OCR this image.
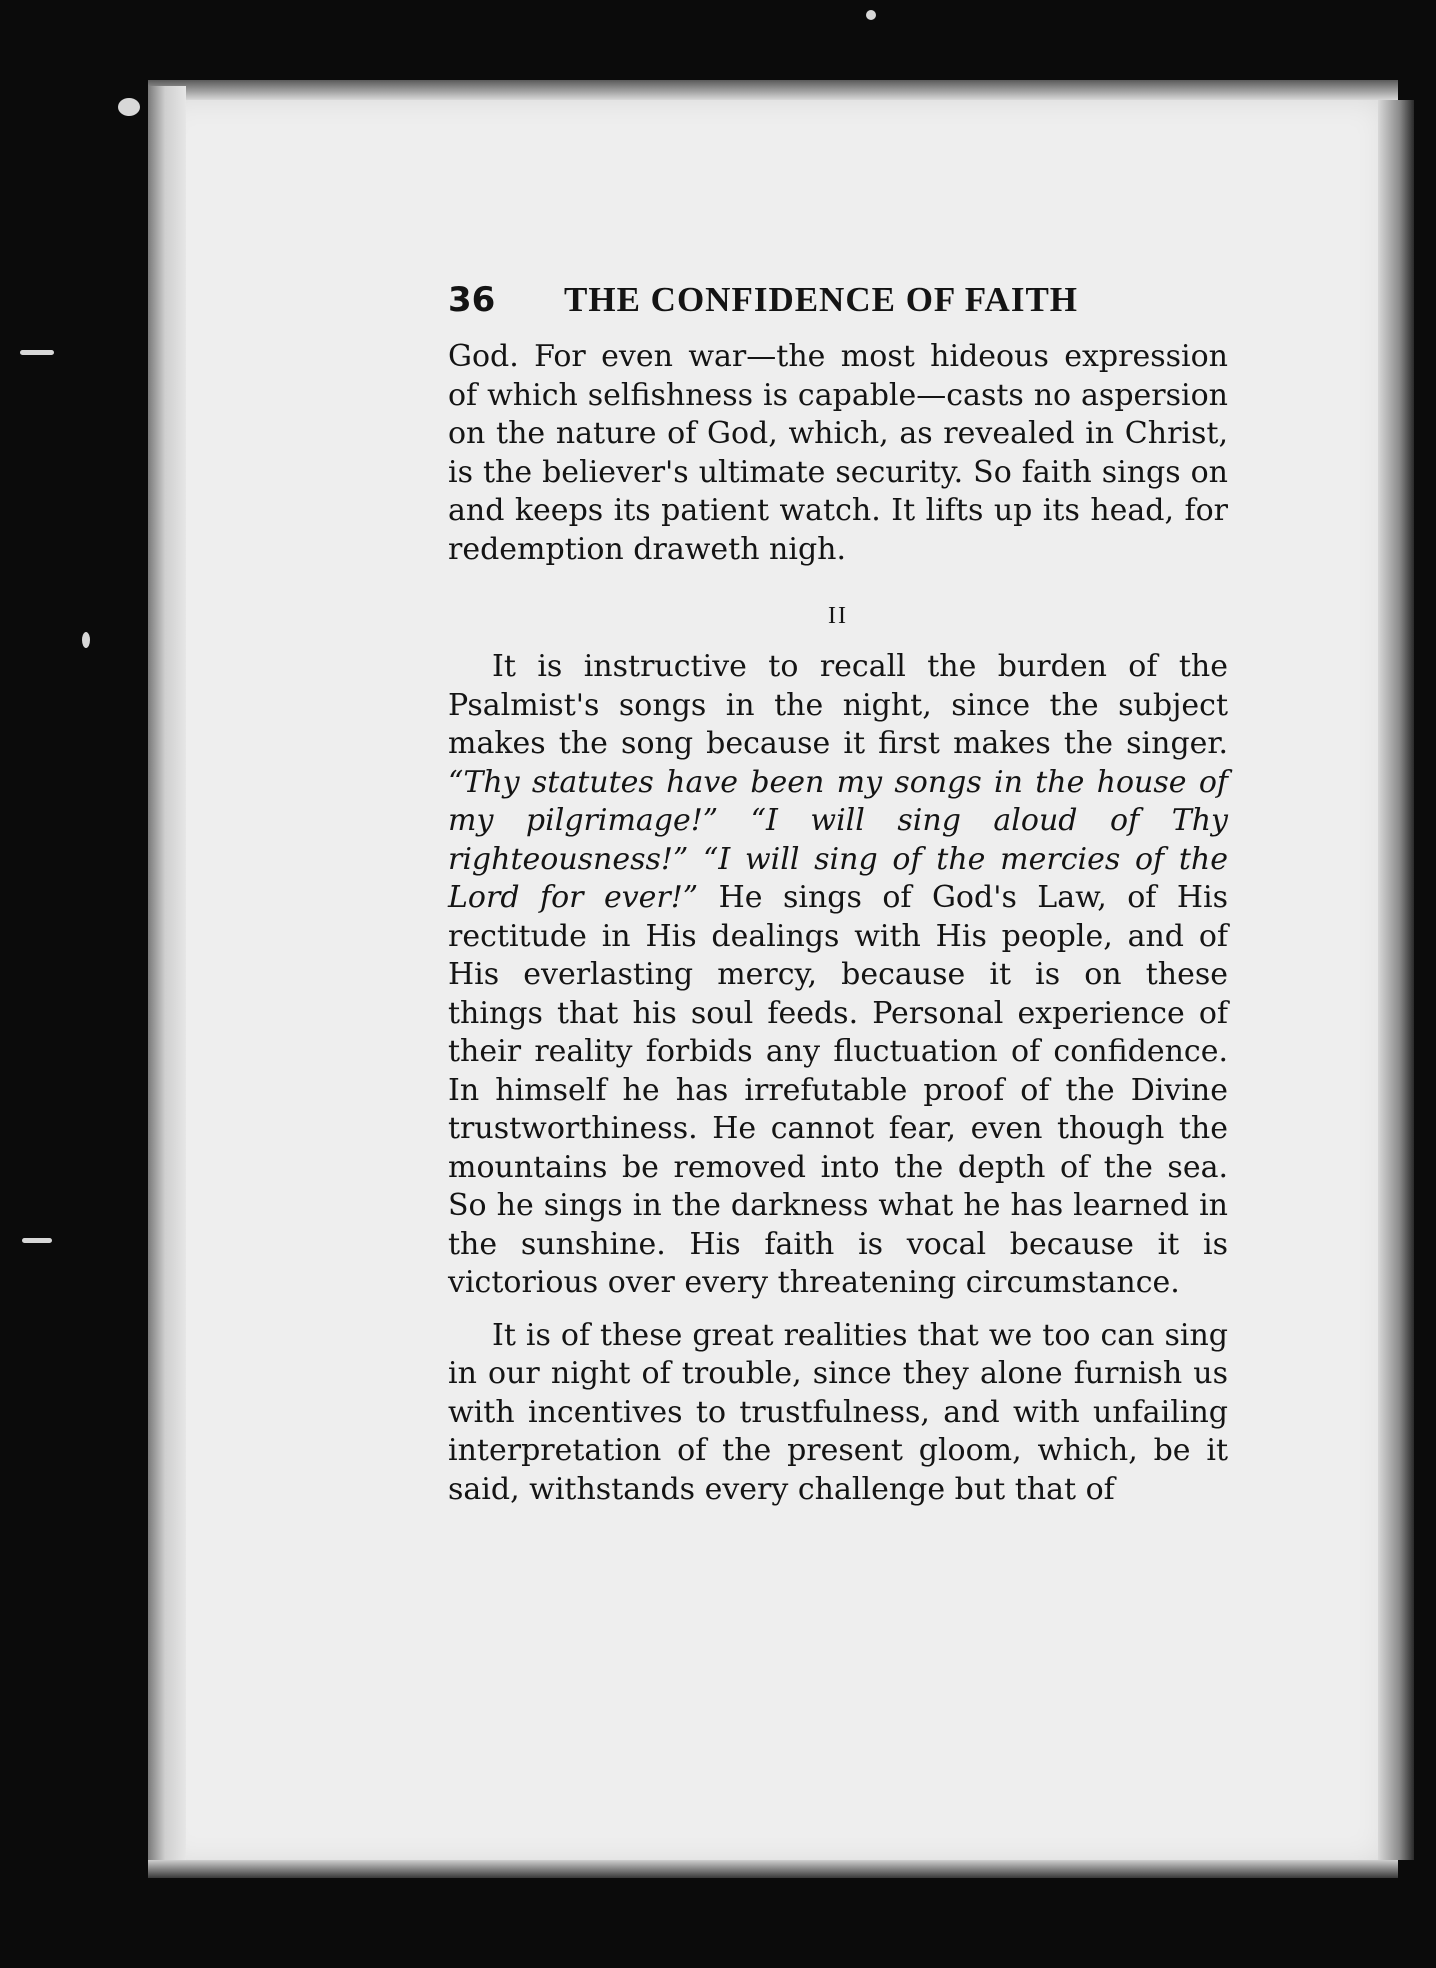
36	THE CONFIDENCE OF FAITH

God. For even war—the most hideous expression of which selfishness is capable—casts no aspersion on the nature of God, which, as revealed in Christ, is the believer's ultimate security. So faith sings on and keeps its patient watch. It lifts up its head, for redemption draweth nigh.

II

It is instructive to recall the burden of the Psalmist's songs in the night, since the subject makes the song because it first makes the singer. “Thy statutes have been my songs in the house of my pilgrimage!” “I will sing aloud of Thy righteousness!” “I will sing of the mercies of the Lord for ever!” He sings of God's Law, of His rectitude in His dealings with His people, and of His everlasting mercy, because it is on these things that his soul feeds. Personal experience of their reality forbids any fluctuation of confidence. In himself he has irrefutable proof of the Divine trustworthiness. He cannot fear, even though the mountains be removed into the depth of the sea. So he sings in the darkness what he has learned in the sunshine. His faith is vocal because it is victorious over every threatening circumstance.

It is of these great realities that we too can sing in our night of trouble, since they alone furnish us with incentives to trustfulness, and with unfailing interpretation of the present gloom, which, be it said, withstands every challenge but that of
